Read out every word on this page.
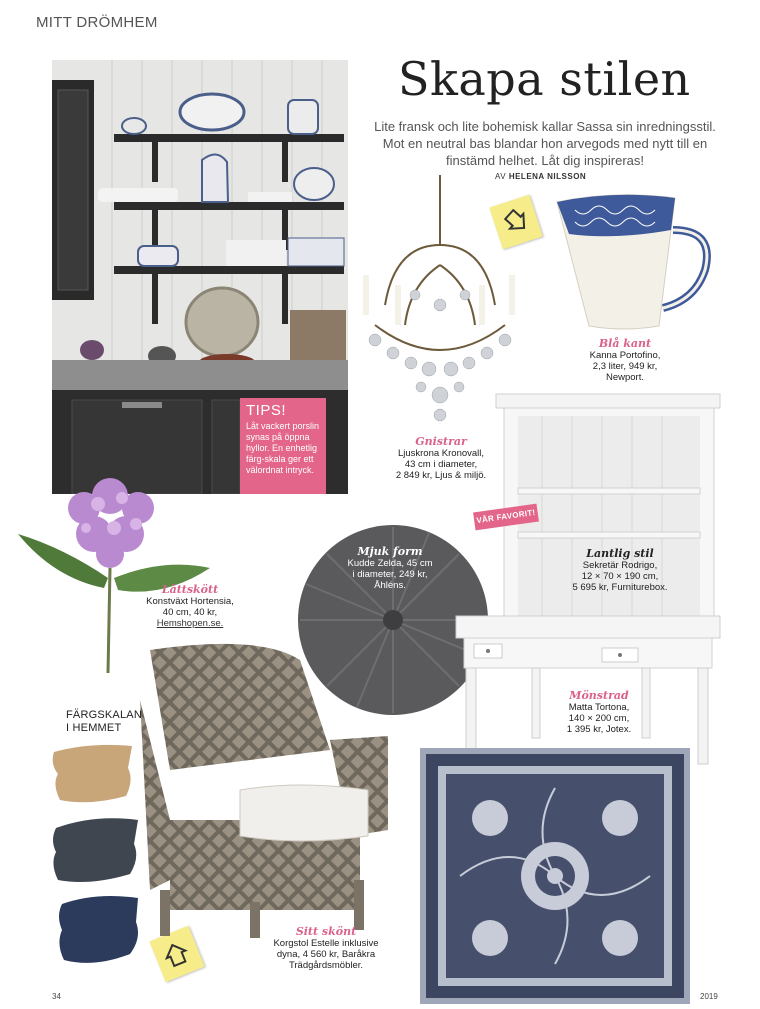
MITT DRÖMHEM
TIPS!

Låt vackert porslin synas på öppna hyllor. En enhetlig färg-skala ger ett välordnat intryck.

Skapa stilen
Lite fransk och lite bohemisk kallar Sassa sin inredningsstil. Mot en neutral bas blandar hon arvegods med nytt till en finstämd helhet. Låt dig inspireras!
AV HELENA NILSSON
Gnistrar
Ljuskrona Kronovall,
43 cm i diameter,
2 849 kr, Ljus & miljö.
Blå kant
Kanna Portofino,
2,3 liter, 949 kr,
Newport.
Lättskött
Konstväxt Hortensia,
40 cm, 40 kr,
Hemshopen.se.
Mjuk form
Kudde Zelda, 45 cm
i diameter, 249 kr,
Åhléns.
VÅR FAVORIT!
Lantlig stil
Sekretär Rodrigo,
12 × 70 × 190 cm,
5 695 kr, Furniturebox.
Mönstrad
Matta Tortona,
140 × 200 cm,
1 395 kr, Jotex.
Sitt skönt
Korgstol Estelle inklusive
dyna, 4 560 kr, Baråkra
Trädgårdsmöbler.
FÄRGSKALAN
I HEMMET
34	2019
